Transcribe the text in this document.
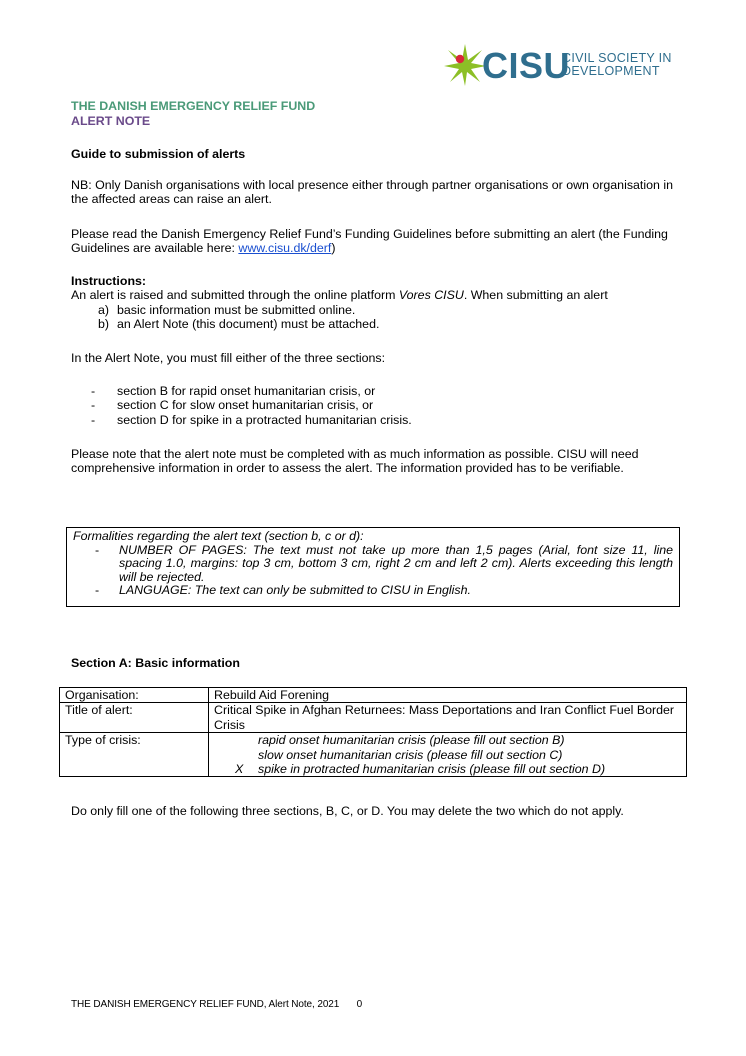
CISU
CIVIL SOCIETY IN
DEVELOPMENT

THE DANISH EMERGENCY RELIEF FUND

ALERT NOTE

Guide to submission of alerts

NB: Only Danish organisations with local presence either through partner organisations or own organisation in the affected areas can raise an alert.

Please read the Danish Emergency Relief Fund’s Funding Guidelines before submitting an alert (the Funding Guidelines are available here: www.cisu.dk/derf)

Instructions:

An alert is raised and submitted through the online platform Vores CISU. When submitting an alert

a) basic information must be submitted online.
b) an Alert Note (this document) must be attached.

In the Alert Note, you must fill either of the three sections:

- section B for rapid onset humanitarian crisis, or
- section C for slow onset humanitarian crisis, or
- section D for spike in a protracted humanitarian crisis.

Please note that the alert note must be completed with as much information as possible. CISU will need comprehensive information in order to assess the alert. The information provided has to be verifiable.

Formalities regarding the alert text (section b, c or d):
- NUMBER OF PAGES: The text must not take up more than 1,5 pages (Arial, font size 11, line spacing 1.0, margins: top 3 cm, bottom 3 cm, right 2 cm and left 2 cm). Alerts exceeding this length will be rejected.
- LANGUAGE: The text can only be submitted to CISU in English.

Section A: Basic information

Organisation:	Rebuild Aid Forening
Title of alert:	Critical Spike in Afghan Returnees: Mass Deportations and Iran Conflict Fuel Border Crisis
Type of crisis:	rapid onset humanitarian crisis (please fill out section B)
slow onset humanitarian crisis (please fill out section C)
X spike in protracted humanitarian crisis (please fill out section D)

Do only fill one of the following three sections, B, C, or D. You may delete the two which do not apply.

THE DANISH EMERGENCY RELIEF FUND, Alert Note, 2021 0
